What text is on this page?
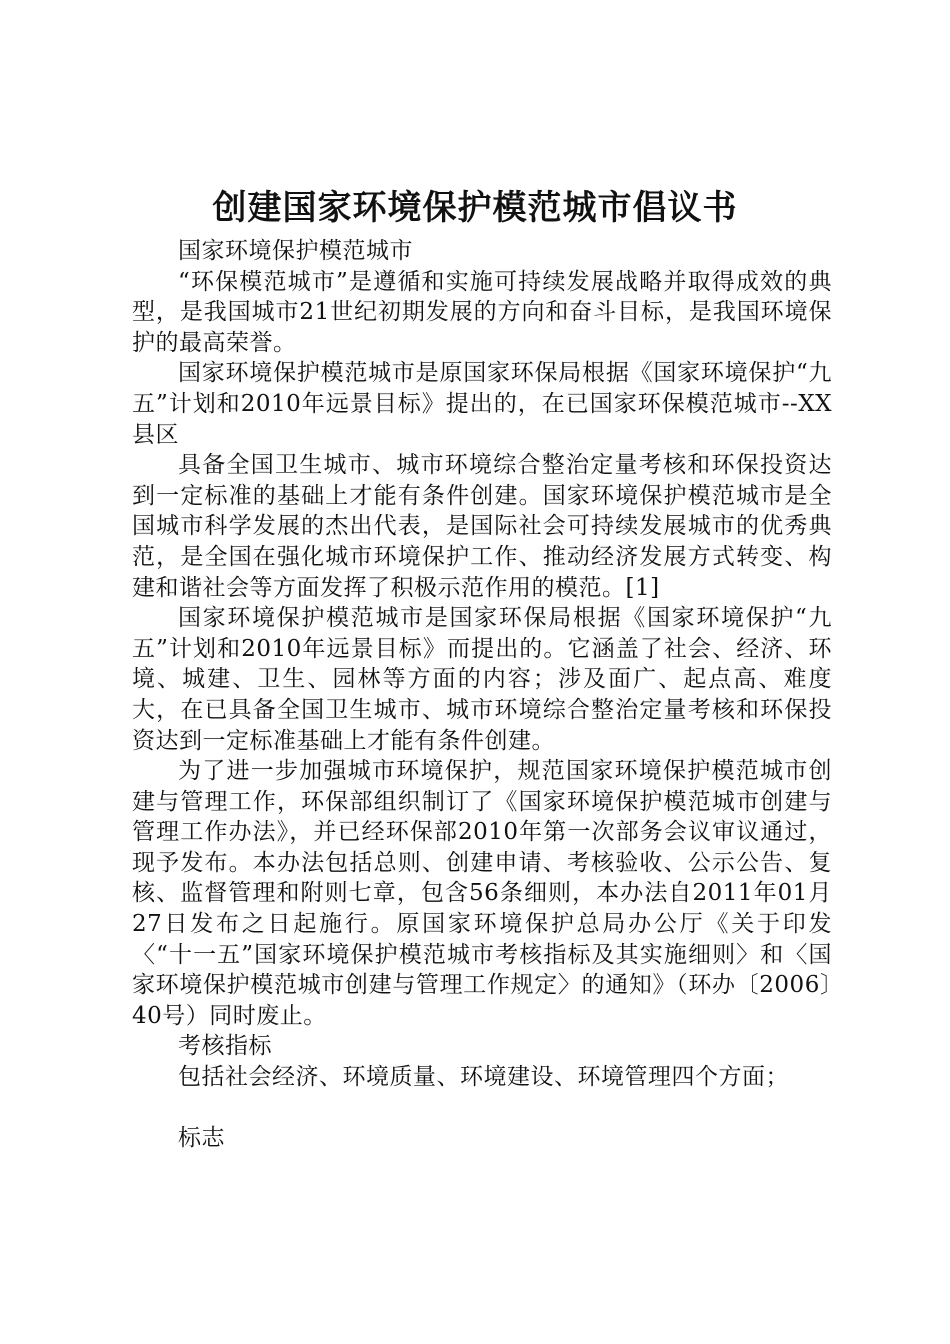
创建国家环境保护模范城市倡议书

国家环境保护模范城市

“环保模范城市”是遵循和实施可持续发展战略并取得成效的典型，是我国城市21世纪初期发展的方向和奋斗目标，是我国环境保护的最高荣誉。

国家环境保护模范城市是原国家环保局根据《国家环境保护“九五”计划和2010年远景目标》提出的，在已国家环保模范城市--XX县区

具备全国卫生城市、城市环境综合整治定量考核和环保投资达到一定标准的基础上才能有条件创建。国家环境保护模范城市是全国城市科学发展的杰出代表，是国际社会可持续发展城市的优秀典范，是全国在强化城市环境保护工作、推动经济发展方式转变、构建和谐社会等方面发挥了积极示范作用的模范。[1]

国家环境保护模范城市是国家环保局根据《国家环境保护“九五”计划和2010年远景目标》而提出的。它涵盖了社会、经济、环境、城建、卫生、园林等方面的内容；涉及面广、起点高、难度大，在已具备全国卫生城市、城市环境综合整治定量考核和环保投资达到一定标准基础上才能有条件创建。

为了进一步加强城市环境保护，规范国家环境保护模范城市创建与管理工作，环保部组织制订了《国家环境保护模范城市创建与管理工作办法》，并已经环保部2010年第一次部务会议审议通过，现予发布。本办法包括总则、创建申请、考核验收、公示公告、复核、监督管理和附则七章，包含56条细则，本办法自2011年01月27日发布之日起施行。原国家环境保护总局办公厅《关于印发〈“十一五”国家环境保护模范城市考核指标及其实施细则〉和〈国家环境保护模范城市创建与管理工作规定〉的通知》（环办〔2006〕40号）同时废止。

考核指标

包括社会经济、环境质量、环境建设、环境管理四个方面；

标志
